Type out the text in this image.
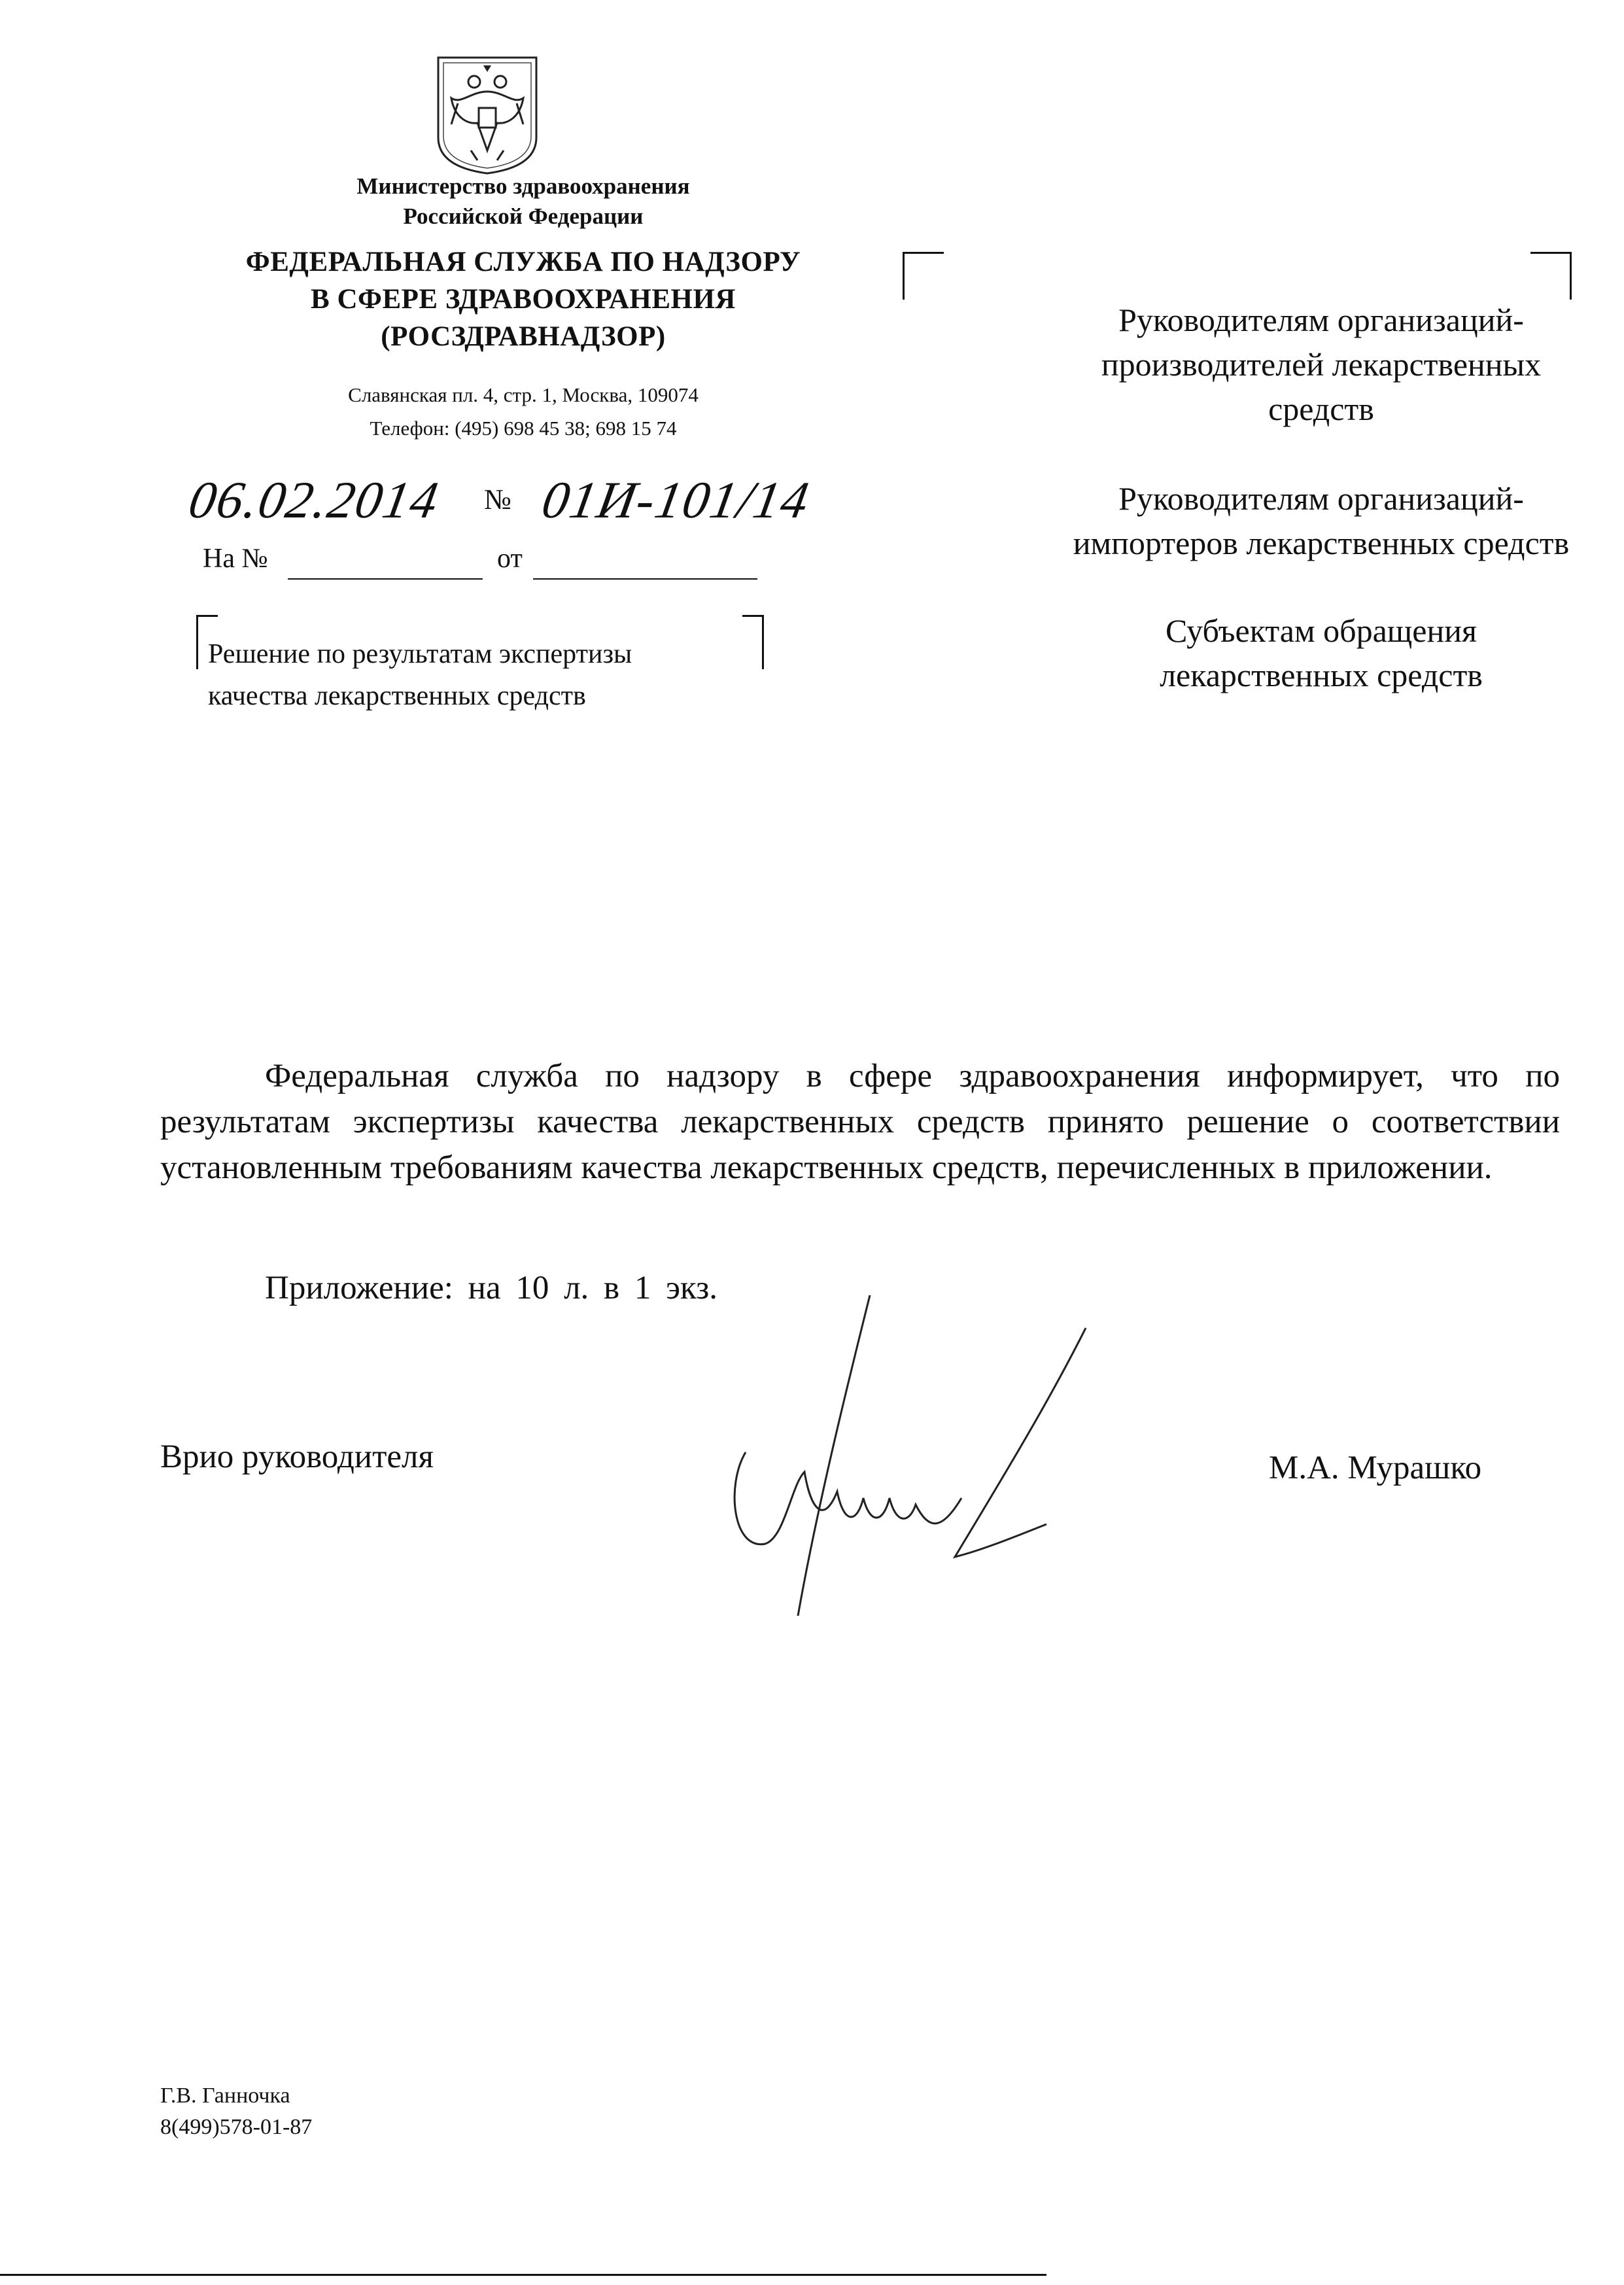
Министерство здравоохранения
Российской Федерации
ФЕДЕРАЛЬНАЯ СЛУЖБА ПО НАДЗОРУ
В СФЕРЕ ЗДРАВООХРАНЕНИЯ
(РОСЗДРАВНАДЗОР)
Славянская пл. 4, стр. 1, Москва, 109074
Телефон: (495) 698 45 38; 698 15 74
06.02.2014 № 01И-101/14
На №	от
Решение по результатам экспертизы
качества лекарственных средств
Руководителям организаций-
производителей лекарственных
средств
Руководителям организаций-
импортеров лекарственных средств
Субъектам обращения
лекарственных средств
Федеральная служба по надзору в сфере здравоохранения информирует, что по результатам экспертизы качества лекарственных средств принято решение о соответствии установленным требованиям качества лекарственных средств, перечисленных в приложении.
Приложение: на 10 л. в 1 экз.
Врио руководителя	М.А. Мурашко
Г.В. Ганночка
8(499)578-01-87
